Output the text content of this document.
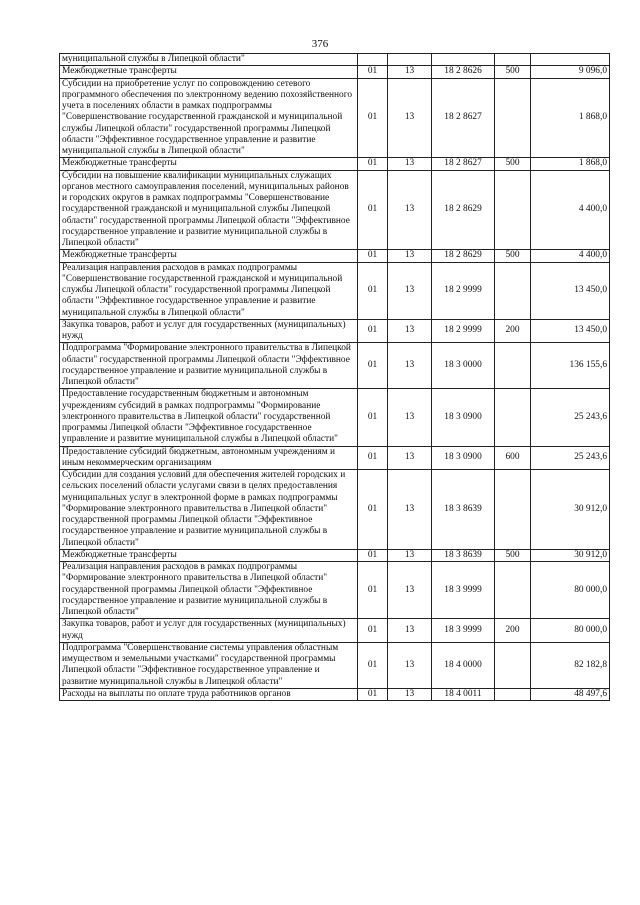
376
муниципальной службы в Липецкой области"					
Межбюджетные трансферты	01	13	18 2 8626	500	9 096,0
Субсидии на приобретение услуг по сопровождению сетевого программного обеспечения по электронному ведению похозяйственного учета в поселениях области в рамках подпрограммы "Совершенствование государственной гражданской и муниципальной службы Липецкой области" государственной программы Липецкой области "Эффективное государственное управление и развитие муниципальной службы в Липецкой области"	01	13	18 2 8627		1 868,0
Межбюджетные трансферты	01	13	18 2 8627	500	1 868,0
Субсидии на повышение квалификации муниципальных служащих органов местного самоуправления поселений, муниципальных районов и городских округов в рамках подпрограммы "Совершенствование государственной гражданской и муниципальной службы Липецкой области" государственной программы Липецкой области "Эффективное государственное управление и развитие муниципальной службы в Липецкой области"	01	13	18 2 8629		4 400,0
Межбюджетные трансферты	01	13	18 2 8629	500	4 400,0
Реализация направления расходов в рамках подпрограммы "Совершенствование государственной гражданской и муниципальной службы Липецкой области" государственной программы Липецкой области "Эффективное государственное управление и развитие муниципальной службы в Липецкой области"	01	13	18 2 9999		13 450,0
Закупка товаров, работ и услуг для государственных (муниципальных) нужд	01	13	18 2 9999	200	13 450,0
Подпрограмма "Формирование электронного правительства в Липецкой области" государственной программы Липецкой области "Эффективное государственное управление и развитие муниципальной службы в Липецкой области"	01	13	18 3 0000		136 155,6
Предоставление государственным бюджетным и автономным учреждениям субсидий в рамках подпрограммы "Формирование электронного правительства в Липецкой области" государственной программы Липецкой области "Эффективное государственное управление и развитие муниципальной службы в Липецкой области"	01	13	18 3 0900		25 243,6
Предоставление субсидий бюджетным, автономным учреждениям и иным некоммерческим организациям	01	13	18 3 0900	600	25 243,6
Субсидии для создания условий для обеспечения жителей городских и сельских поселений области услугами связи в целях предоставления муниципальных услуг в электронной форме в рамках подпрограммы "Формирование электронного правительства в Липецкой области" государственной программы Липецкой области "Эффективное государственное управление и развитие муниципальной службы в Липецкой области"	01	13	18 3 8639		30 912,0
Межбюджетные трансферты	01	13	18 3 8639	500	30 912,0
Реализация направления расходов в рамках подпрограммы "Формирование электронного правительства в Липецкой области" государственной программы Липецкой области "Эффективное государственное управление и развитие муниципальной службы в Липецкой области"	01	13	18 3 9999		80 000,0
Закупка товаров, работ и услуг для государственных (муниципальных) нужд	01	13	18 3 9999	200	80 000,0
Подпрограмма "Совершенствование системы управления областным имуществом и земельными участками" государственной программы Липецкой области "Эффективное государственное управление и развитие муниципальной службы в Липецкой области"	01	13	18 4 0000		82 182,8
Расходы на выплаты по оплате труда работников органов	01	13	18 4 0011		48 497,6
